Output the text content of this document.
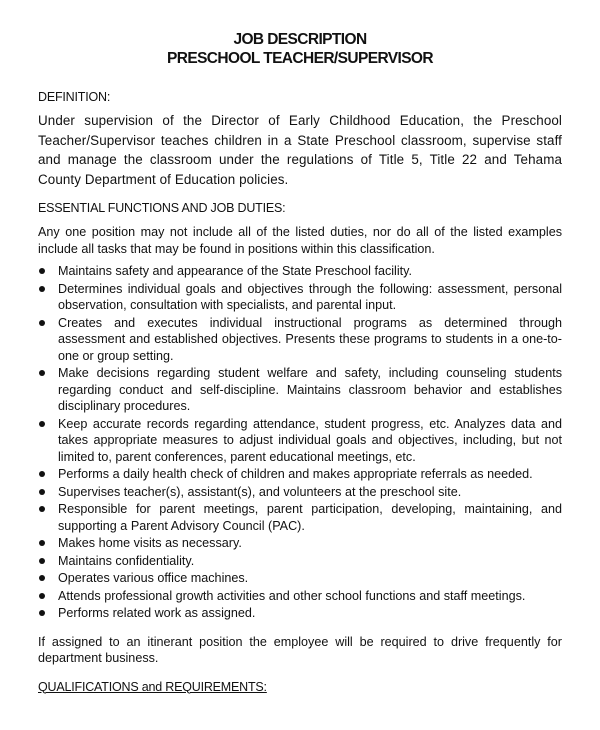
JOB DESCRIPTION
PRESCHOOL TEACHER/SUPERVISOR
DEFINITION:
Under supervision of the Director of Early Childhood Education, the Preschool Teacher/Supervisor teaches children in a State Preschool classroom, supervise staff and manage the classroom under the regulations of Title 5, Title 22 and Tehama County Department of Education policies.
ESSENTIAL FUNCTIONS AND JOB DUTIES:
Any one position may not include all of the listed duties, nor do all of the listed examples include all tasks that may be found in positions within this classification.
Maintains safety and appearance of the State Preschool facility.
Determines individual goals and objectives through the following: assessment, personal observation, consultation with specialists, and parental input.
Creates and executes individual instructional programs as determined through assessment and established objectives. Presents these programs to students in a one-to-one or group setting.
Make decisions regarding student welfare and safety, including counseling students regarding conduct and self-discipline. Maintains classroom behavior and establishes disciplinary procedures.
Keep accurate records regarding attendance, student progress, etc. Analyzes data and takes appropriate measures to adjust individual goals and objectives, including, but not limited to, parent conferences, parent educational meetings, etc.
Performs a daily health check of children and makes appropriate referrals as needed.
Supervises teacher(s), assistant(s), and volunteers at the preschool site.
Responsible for parent meetings, parent participation, developing, maintaining, and supporting a Parent Advisory Council (PAC).
Makes home visits as necessary.
Maintains confidentiality.
Operates various office machines.
Attends professional growth activities and other school functions and staff meetings.
Performs related work as assigned.
If assigned to an itinerant position the employee will be required to drive frequently for department business.
QUALIFICATIONS and REQUIREMENTS:
